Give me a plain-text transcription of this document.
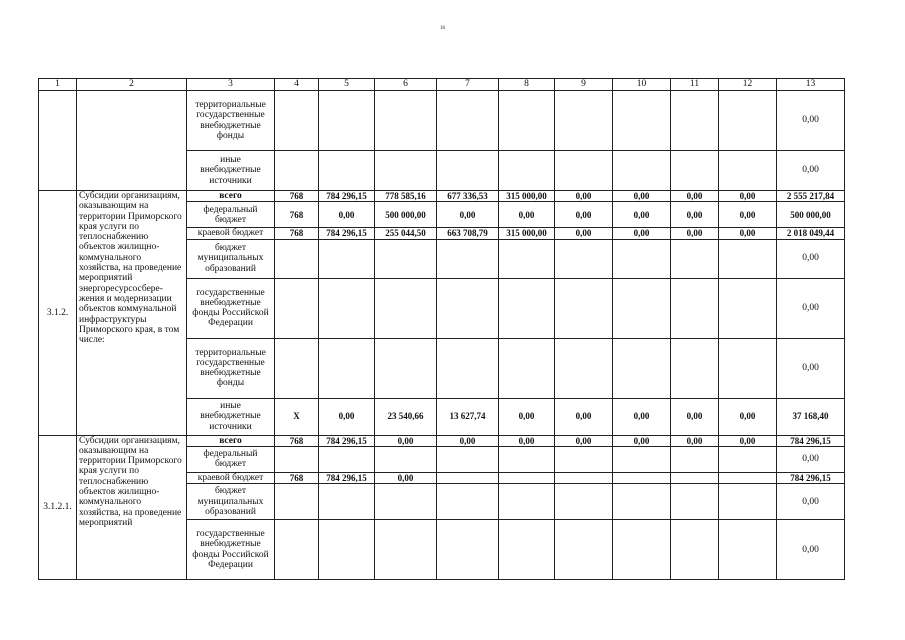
16
1	2	3	4	5	6	7	8	9	10	11	12	13
		территориальные государственные внебюджетные фонды										0,00
		иные внебюджетные источники										0,00
3.1.2.	Субсидии организациям, оказывающим на территории Приморского края услуги по теплоснабжению объектов жилищно-коммунального хозяйства, на проведение мероприятий энергоресурсосбере-жения и модернизации объектов коммунальной инфраструктуры Приморского края, в том числе:	всего	768	784 296,15	778 585,16	677 336,53	315 000,00	0,00	0,00	0,00	0,00	2 555 217,84
		федеральный бюджет	768	0,00	500 000,00	0,00	0,00	0,00	0,00	0,00	0,00	500 000,00
		краевой бюджет	768	784 296,15	255 044,50	663 708,79	315 000,00	0,00	0,00	0,00	0,00	2 018 049,44
		бюджет муниципальных образований										0,00
		государственные внебюджетные фонды Российской Федерации										0,00
		территориальные государственные внебюджетные фонды										0,00
		иные внебюджетные источники	X	0,00	23 540,66	13 627,74	0,00	0,00	0,00	0,00	0,00	37 168,40
3.1.2.1.	Субсидии организациям, оказывающим на территории Приморского края услуги по теплоснабжению объектов жилищно-коммунального хозяйства, на проведение мероприятий	всего	768	784 296,15	0,00	0,00	0,00	0,00	0,00	0,00	0,00	784 296,15
		федеральный бюджет										0,00
		краевой бюджет	768	784 296,15	0,00							784 296,15
		бюджет муниципальных образований										0,00
		государственные внебюджетные фонды Российской Федерации										0,00
